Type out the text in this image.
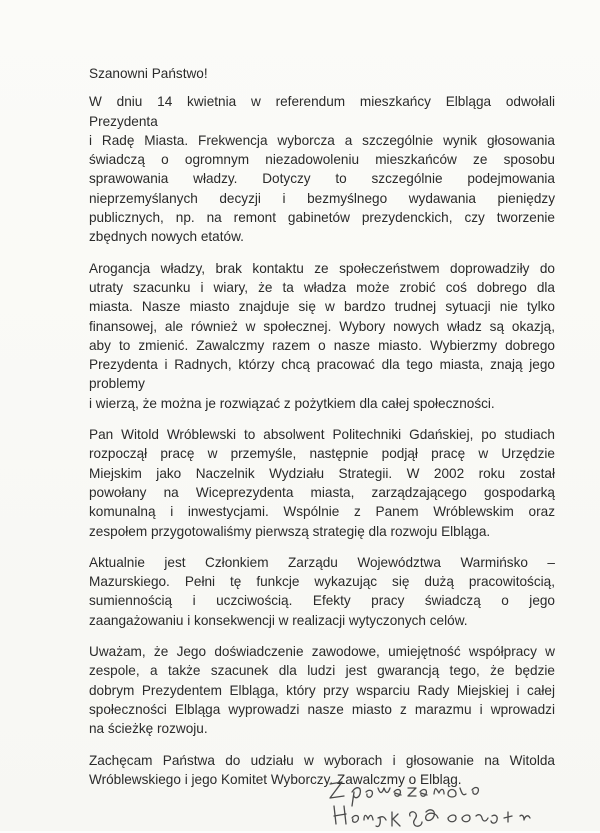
Szanowni Państwo!

W dniu 14 kwietnia w referendum mieszkańcy Elbląga odwołali
Prezydenta
i Radę Miasta. Frekwencja wyborcza a szczególnie wynik głosowania
świadczą o ogromnym niezadowoleniu mieszkańców ze sposobu
sprawowania władzy. Dotyczy to szczególnie podejmowania
nieprzemyślanych decyzji i bezmyślnego wydawania pieniędzy
publicznych, np. na remont gabinetów prezydenckich, czy tworzenie
zbędnych nowych etatów.

Arogancja władzy, brak kontaktu ze społeczeństwem doprowadziły do
utraty szacunku i wiary, że ta władza może zrobić coś dobrego dla
miasta. Nasze miasto znajduje się w bardzo trudnej sytuacji nie tylko
finansowej, ale również w społecznej. Wybory nowych władz są okazją,
aby to zmienić. Zawalczmy razem o nasze miasto. Wybierzmy dobrego
Prezydenta i Radnych, którzy chcą pracować dla tego miasta, znają jego
problemy
i wierzą, że można je rozwiązać z pożytkiem dla całej społeczności.

Pan Witold Wróblewski to absolwent Politechniki Gdańskiej, po studiach
rozpoczął pracę w przemyśle, następnie podjął pracę w Urzędzie
Miejskim jako Naczelnik Wydziału Strategii. W 2002 roku został
powołany na Wiceprezydenta miasta, zarządzającego gospodarką
komunalną i inwestycjami. Wspólnie z Panem Wróblewskim oraz
zespołem przygotowaliśmy pierwszą strategię dla rozwoju Elbląga.

Aktualnie jest Członkiem Zarządu Województwa Warmińsko –
Mazurskiego. Pełni tę funkcje wykazując się dużą pracowitością,
sumiennością i uczciwością. Efekty pracy świadczą o jego
zaangażowaniu i konsekwencji w realizacji wytyczonych celów.

Uważam, że Jego doświadczenie zawodowe, umiejętność współpracy w
zespole, a także szacunek dla ludzi jest gwarancją tego, że będzie
dobrym Prezydentem Elbląga, który przy wsparciu Rady Miejskiej i całej
społeczności Elbląga wyprowadzi nasze miasto z marazmu i wprowadzi
na ścieżkę rozwoju.

Zachęcam Państwa do udziału w wyborach i głosowanie na Witolda
Wróblewskiego i jego Komitet Wyborczy. Zawalczmy o Elbląg.
